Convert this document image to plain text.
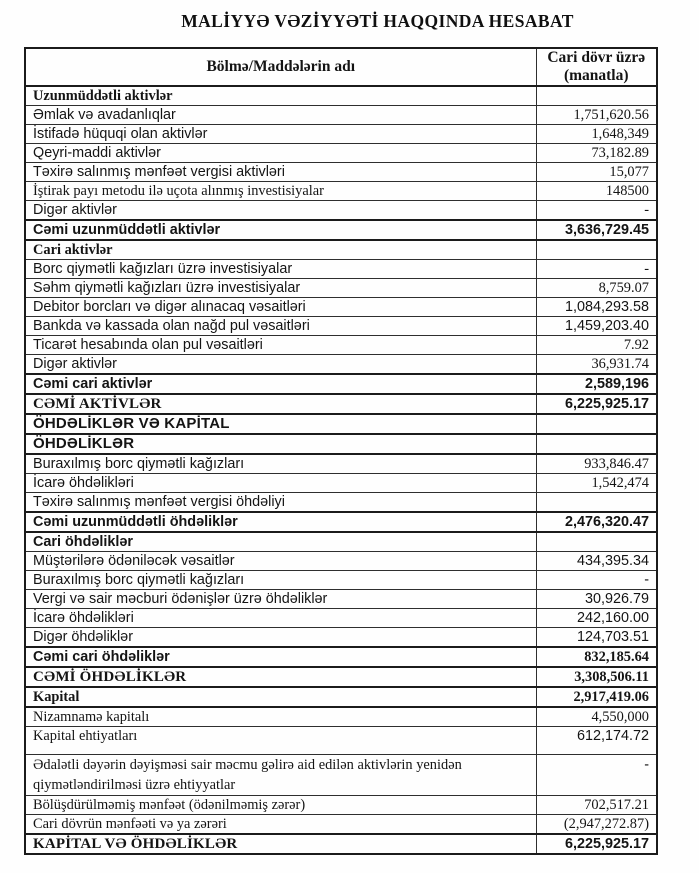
MALİYYƏ VƏZİYYƏTİ HAQQINDA HESABAT
Bölmə/Maddələrin adı	Cari dövr üzrə
(manatla)

Uzunmüddətli aktivlər	
Əmlak və avadanlıqlar	1,751,620.56
İstifadə hüquqi olan aktivlər	1,648,349
Qeyri-maddi aktivlər	73,182.89
Təxirə salınmış mənfəət vergisi aktivləri	15,077
İştirak payı metodu ilə uçota alınmış investisiyalar	148500
Digər aktivlər	-
Cəmi uzunmüddətli aktivlər	3,636,729.45
Cari aktivlər	
Borc qiymətli kağızları üzrə investisiyalar	-
Səhm qiymətli kağızları üzrə investisiyalar	8,759.07
Debitor borcları və digər alınacaq vəsaitləri	1,084,293.58
Bankda və kassada olan nağd pul vəsaitləri	1,459,203.40
Ticarət hesabında olan pul vəsaitləri	7.92
Digər aktivlər	36,931.74
Cəmi cari aktivlər	2,589,196
CƏMİ AKTİVLƏR	6,225,925.17
ÖHDƏLİKLƏR VƏ KAPİTAL	
ÖHDƏLİKLƏR	
Buraxılmış borc qiymətli kağızları	933,846.47
İcarə öhdəlikləri	1,542,474
Təxirə salınmış mənfəət vergisi öhdəliyi	
Cəmi uzunmüddətli öhdəliklər	2,476,320.47
Cari öhdəliklər	
Müştərilərə ödəniləcək vəsaitlər	434,395.34
Buraxılmış borc qiymətli kağızları	-
Vergi və sair məcburi ödənişlər üzrə öhdəliklər	30,926.79
İcarə öhdəlikləri	242,160.00
Digər öhdəliklər	124,703.51
Cəmi cari öhdəliklər	832,185.64
CƏMİ ÖHDƏLİKLƏR	3,308,506.11
Kapital	2,917,419.06
Nizamnamə kapitalı	4,550,000
Kapital ehtiyatları	612,174.72
Ədalətli dəyərin dəyişməsi sair məcmu gəlirə aid edilən aktivlərin yenidən qiymətləndirilməsi üzrə ehtiyyatlar	-
Bölüşdürülməmiş mənfəət (ödənilməmiş zərər)	702,517.21
Cari dövrün mənfəəti və ya zərəri	(2,947,272.87)
KAPİTAL VƏ ÖHDƏLİKLƏR	6,225,925.17
